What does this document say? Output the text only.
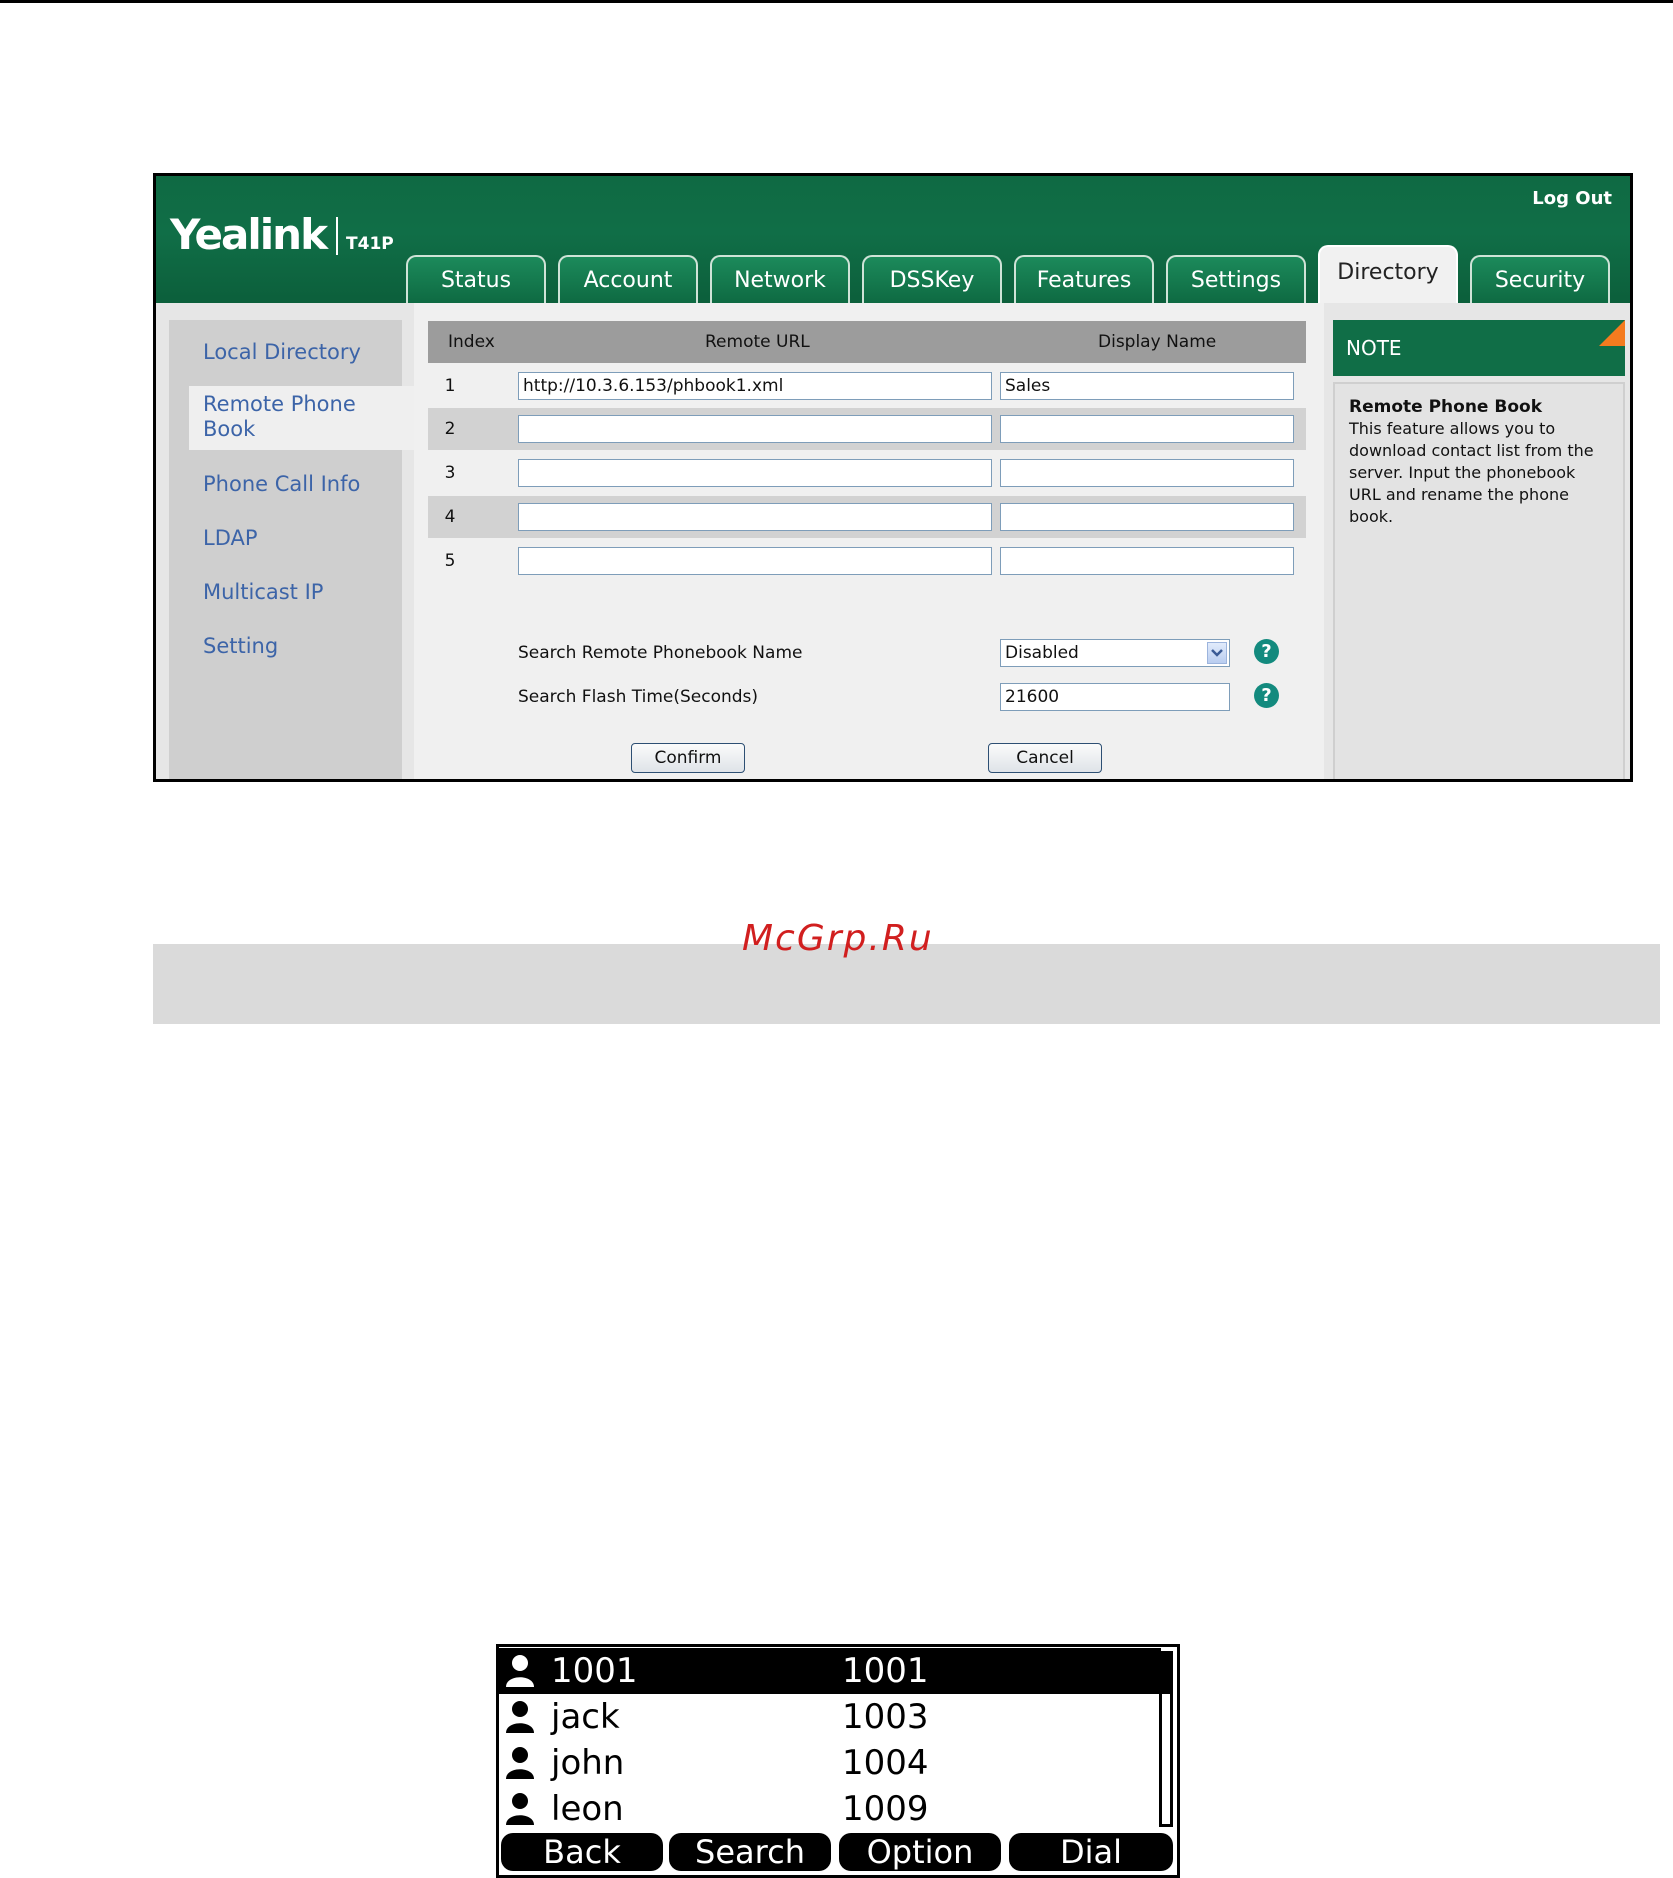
Yealink T41P
Log Out
Status	Account	Network	DSSKey	Features	Settings	Directory	Security
Local Directory
Remote Phone Book
Phone Call Info
LDAP
Multicast IP
Setting
Index	Remote URL	Display Name
1	http://10.3.6.153/phbook1.xml	Sales
2
3
4
5
Search Remote Phonebook Name	Disabled	?
Search Flash Time(Seconds)	21600	?
Confirm	Cancel
NOTE
Remote Phone Book
This feature allows you to download contact list from the server. Input the phonebook URL and rename the phone book.
McGrp.Ru
1001	1001
jack	1003
john	1004
leon	1009
Back	Search	Option	Dial
